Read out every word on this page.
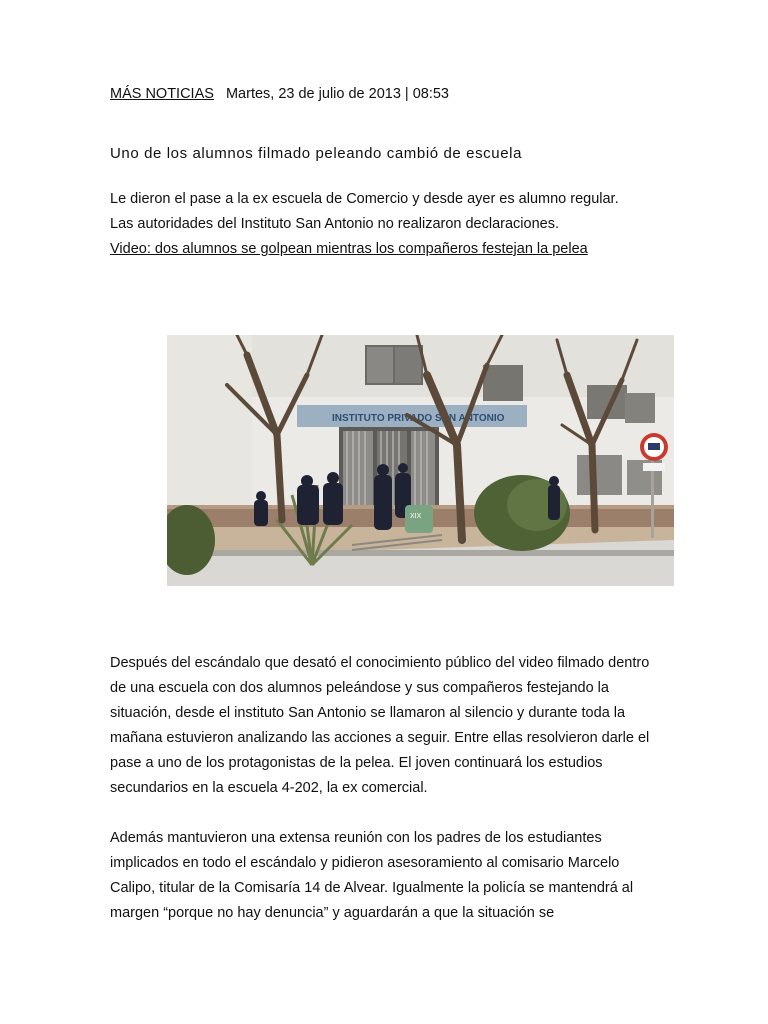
MÁS NOTICIAS Martes, 23 de julio de 2013 | 08:53
Uno de los alumnos filmado peleando cambió de escuela

Le dieron el pase a la ex escuela de Comercio y desde ayer es alumno regular.

Las autoridades del Instituto San Antonio no realizaron declaraciones.

Video: dos alumnos se golpean mientras los compañeros festejan la pelea

INSTITUTO PRIVADO SAN ANTONIO
XIX

Después del escándalo que desató el conocimiento público del video filmado dentro de una escuela con dos alumnos peleándose y sus compañeros festejando la situación, desde el instituto San Antonio se llamaron al silencio y durante toda la mañana estuvieron analizando las acciones a seguir. Entre ellas resolvieron darle el pase a uno de los protagonistas de la pelea. El joven continuará los estudios secundarios en la escuela 4-202, la ex comercial.

Además mantuvieron una extensa reunión con los padres de los estudiantes implicados en todo el escándalo y pidieron asesoramiento al comisario Marcelo Calipo, titular de la Comisaría 14 de Alvear. Igualmente la policía se mantendrá al margen “porque no hay denuncia” y aguardarán a que la situación se
